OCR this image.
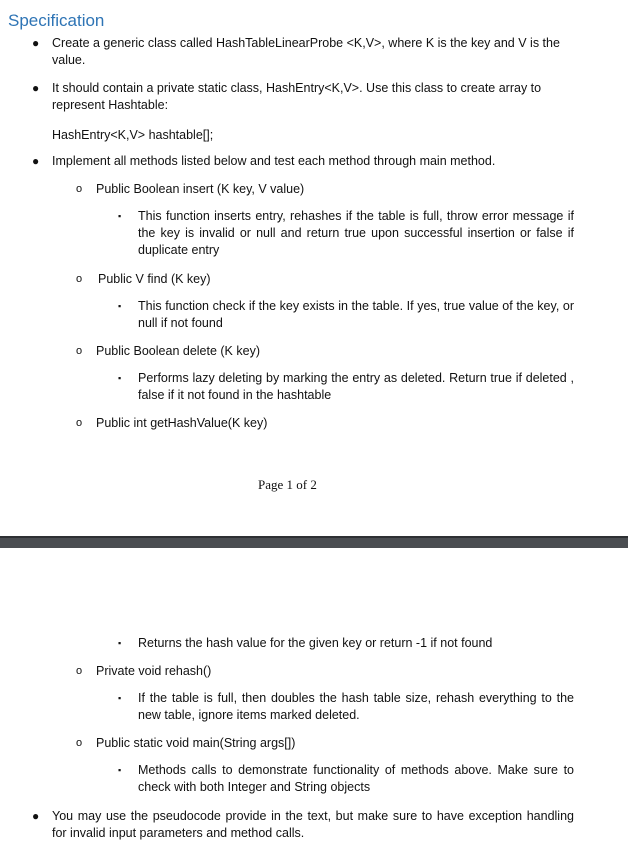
Specification
● Create a generic class called HashTableLinearProbe <K,V>, where K is the key and V is the value.
● It should contain a private static class, HashEntry<K,V>. Use this class to create array to represent Hashtable:
HashEntry<K,V> hashtable[];
● Implement all methods listed below and test each method through main method.
o Public Boolean insert (K key, V value)
▪ This function inserts entry, rehashes if the table is full, throw error message if the key is invalid or null and return true upon successful insertion or false if duplicate entry
o Public V find (K key)
▪ This function check if the key exists in the table. If yes, true value of the key, or null if not found
o Public Boolean delete (K key)
▪ Performs lazy deleting by marking the entry as deleted. Return true if deleted , false if it not found in the hashtable
o Public int getHashValue(K key)
Page 1 of 2
▪ Returns the hash value for the given key or return -1 if not found
o Private void rehash()
▪ If the table is full, then doubles the hash table size, rehash everything to the new table, ignore items marked deleted.
o Public static void main(String args[])
▪ Methods calls to demonstrate functionality of methods above. Make sure to check with both Integer and String objects
● You may use the pseudocode provide in the text, but make sure to have exception handling for invalid input parameters and method calls.
